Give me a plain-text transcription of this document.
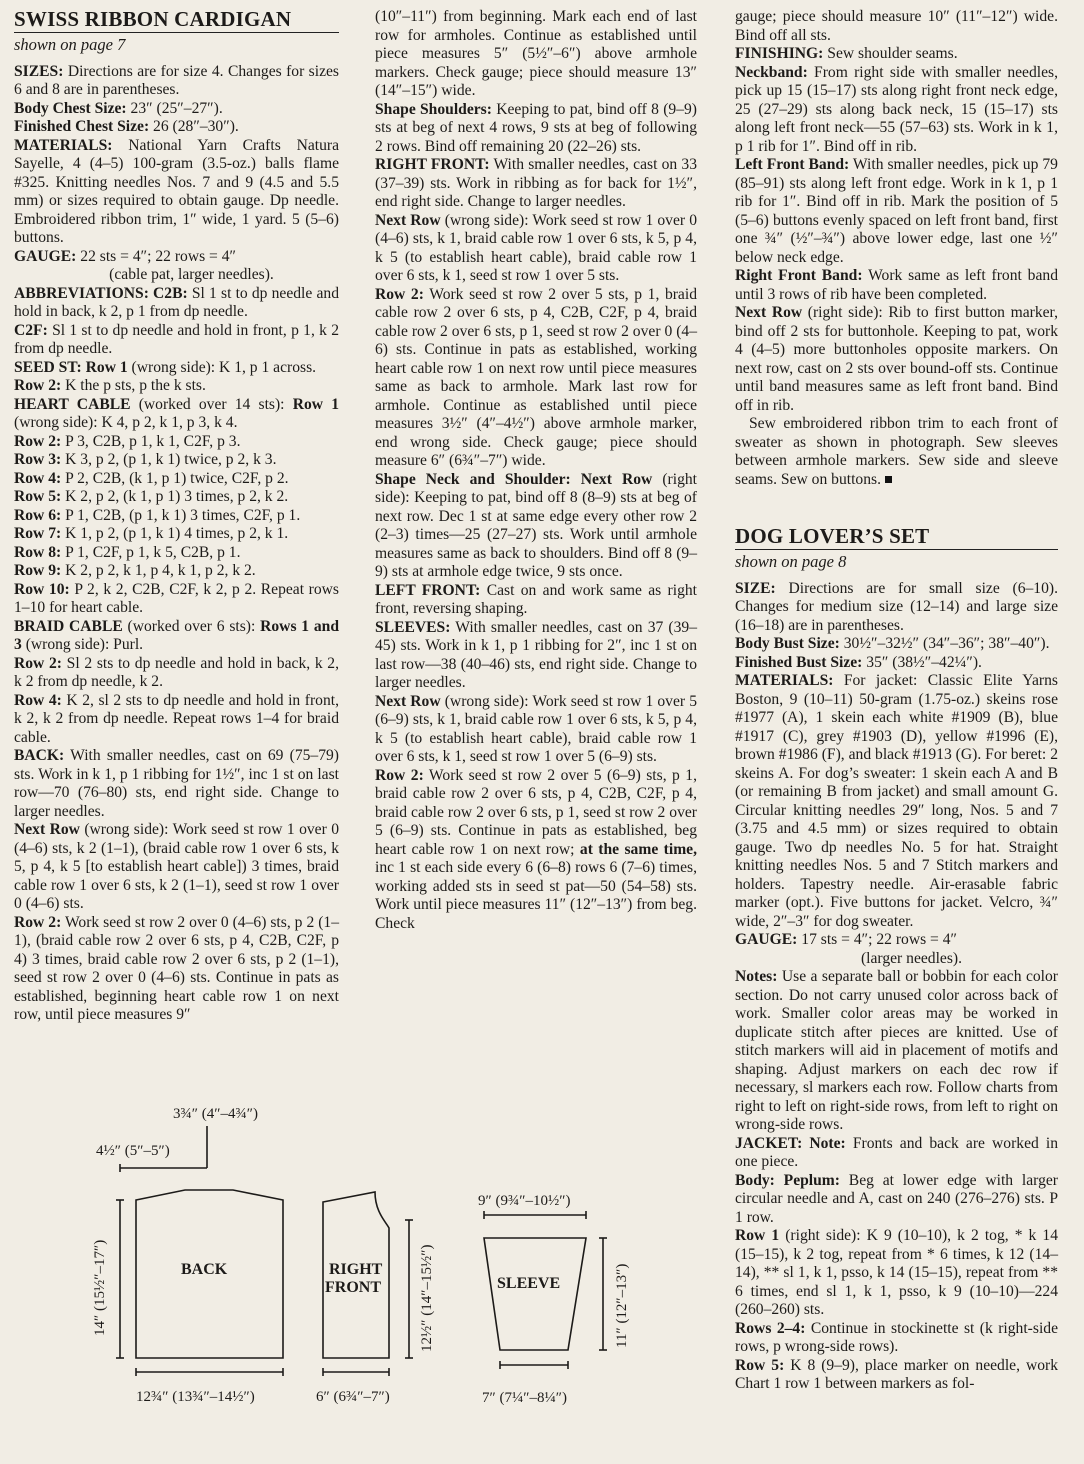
SWISS RIBBON CARDIGAN
shown on page 7

SIZES: Directions are for size 4. Changes for sizes 6 and 8 are in parentheses.

Body Chest Size: 23″ (25″–27″).

Finished Chest Size: 26 (28″–30″).

MATERIALS: National Yarn Crafts Natura Sayelle, 4 (4–5) 100-gram (3.5-oz.) balls flame #325. Knitting needles Nos. 7 and 9 (4.5 and 5.5 mm) or sizes required to obtain gauge. Dp needle. Embroidered ribbon trim, 1″ wide, 1 yard. 5 (5–6) buttons.

GAUGE: 22 sts = 4″; 22 rows = 4″

(cable pat, larger needles).

ABBREVIATIONS: C2B: Sl 1 st to dp needle and hold in back, k 2, p 1 from dp needle.

C2F: Sl 1 st to dp needle and hold in front, p 1, k 2 from dp needle.

SEED ST: Row 1 (wrong side): K 1, p 1 across.

Row 2: K the p sts, p the k sts.

HEART CABLE (worked over 14 sts): Row 1 (wrong side): K 4, p 2, k 1, p 3, k 4.

Row 2: P 3, C2B, p 1, k 1, C2F, p 3.

Row 3: K 3, p 2, (p 1, k 1) twice, p 2, k 3.

Row 4: P 2, C2B, (k 1, p 1) twice, C2F, p 2.

Row 5: K 2, p 2, (k 1, p 1) 3 times, p 2, k 2.

Row 6: P 1, C2B, (p 1, k 1) 3 times, C2F, p 1.

Row 7: K 1, p 2, (p 1, k 1) 4 times, p 2, k 1.

Row 8: P 1, C2F, p 1, k 5, C2B, p 1.

Row 9: K 2, p 2, k 1, p 4, k 1, p 2, k 2.

Row 10: P 2, k 2, C2B, C2F, k 2, p 2. Repeat rows 1–10 for heart cable.

BRAID CABLE (worked over 6 sts): Rows 1 and 3 (wrong side): Purl.

Row 2: Sl 2 sts to dp needle and hold in back, k 2, k 2 from dp needle, k 2.

Row 4: K 2, sl 2 sts to dp needle and hold in front, k 2, k 2 from dp needle. Repeat rows 1–4 for braid cable.

BACK: With smaller needles, cast on 69 (75–79) sts. Work in k 1, p 1 ribbing for 1½″, inc 1 st on last row—70 (76–80) sts, end right side. Change to larger needles.

Next Row (wrong side): Work seed st row 1 over 0 (4–6) sts, k 2 (1–1), (braid cable row 1 over 6 sts, k 5, p 4, k 5 [to establish heart cable]) 3 times, braid cable row 1 over 6 sts, k 2 (1–1), seed st row 1 over 0 (4–6) sts.

Row 2: Work seed st row 2 over 0 (4–6) sts, p 2 (1–1), (braid cable row 2 over 6 sts, p 4, C2B, C2F, p 4) 3 times, braid cable row 2 over 6 sts, p 2 (1–1), seed st row 2 over 0 (4–6) sts. Continue in pats as established, beginning heart cable row 1 on next row, until piece measures 9″

(10″–11″) from beginning. Mark each end of last row for armholes. Continue as established until piece measures 5″ (5½″–6″) above armhole markers. Check gauge; piece should measure 13″ (14″–15″) wide.

Shape Shoulders: Keeping to pat, bind off 8 (9–9) sts at beg of next 4 rows, 9 sts at beg of following 2 rows. Bind off remaining 20 (22–26) sts.

RIGHT FRONT: With smaller needles, cast on 33 (37–39) sts. Work in ribbing as for back for 1½″, end right side. Change to larger needles.

Next Row (wrong side): Work seed st row 1 over 0 (4–6) sts, k 1, braid cable row 1 over 6 sts, k 5, p 4, k 5 (to establish heart cable), braid cable row 1 over 6 sts, k 1, seed st row 1 over 5 sts.

Row 2: Work seed st row 2 over 5 sts, p 1, braid cable row 2 over 6 sts, p 4, C2B, C2F, p 4, braid cable row 2 over 6 sts, p 1, seed st row 2 over 0 (4–6) sts. Continue in pats as established, working heart cable row 1 on next row until piece measures same as back to armhole. Mark last row for armhole. Continue as established until piece measures 3½″ (4″–4½″) above armhole marker, end wrong side. Check gauge; piece should measure 6″ (6¾″–7″) wide.

Shape Neck and Shoulder: Next Row (right side): Keeping to pat, bind off 8 (8–9) sts at beg of next row. Dec 1 st at same edge every other row 2 (2–3) times—25 (27–27) sts. Work until armhole measures same as back to shoulders. Bind off 8 (9–9) sts at armhole edge twice, 9 sts once.

LEFT FRONT: Cast on and work same as right front, reversing shaping.

SLEEVES: With smaller needles, cast on 37 (39–45) sts. Work in k 1, p 1 ribbing for 2″, inc 1 st on last row—38 (40–46) sts, end right side. Change to larger needles.

Next Row (wrong side): Work seed st row 1 over 5 (6–9) sts, k 1, braid cable row 1 over 6 sts, k 5, p 4, k 5 (to establish heart cable), braid cable row 1 over 6 sts, k 1, seed st row 1 over 5 (6–9) sts.

Row 2: Work seed st row 2 over 5 (6–9) sts, p 1, braid cable row 2 over 6 sts, p 4, C2B, C2F, p 4, braid cable row 2 over 6 sts, p 1, seed st row 2 over 5 (6–9) sts. Continue in pats as established, beg heart cable row 1 on next row; at the same time, inc 1 st each side every 6 (6–8) rows 6 (7–6) times, working added sts in seed st pat—50 (54–58) sts. Work until piece measures 11″ (12″–13″) from beg. Check

gauge; piece should measure 10″ (11″–12″) wide. Bind off all sts.

FINISHING: Sew shoulder seams.

Neckband: From right side with smaller needles, pick up 15 (15–17) sts along right front neck edge, 25 (27–29) sts along back neck, 15 (15–17) sts along left front neck—55 (57–63) sts. Work in k 1, p 1 rib for 1″. Bind off in rib.

Left Front Band: With smaller needles, pick up 79 (85–91) sts along left front edge. Work in k 1, p 1 rib for 1″. Bind off in rib. Mark the position of 5 (5–6) buttons evenly spaced on left front band, first one ¾″ (½″–¾″) above lower edge, last one ½″ below neck edge.

Right Front Band: Work same as left front band until 3 rows of rib have been completed.

Next Row (right side): Rib to first button marker, bind off 2 sts for buttonhole. Keeping to pat, work 4 (4–5) more buttonholes opposite markers. On next row, cast on 2 sts over bound-off sts. Continue until band measures same as left front band. Bind off in rib.

Sew embroidered ribbon trim to each front of sweater as shown in photograph. Sew sleeves between armhole markers. Sew side and sleeve seams. Sew on buttons.

DOG LOVER’S SET
shown on page 8

SIZE: Directions are for small size (6–10). Changes for medium size (12–14) and large size (16–18) are in parentheses.

Body Bust Size: 30½″–32½″ (34″–36″; 38″–40″).

Finished Bust Size: 35″ (38½″–42¼″).

MATERIALS: For jacket: Classic Elite Yarns Boston, 9 (10–11) 50-gram (1.75-oz.) skeins rose #1977 (A), 1 skein each white #1909 (B), blue #1917 (C), grey #1903 (D), yellow #1996 (E), brown #1986 (F), and black #1913 (G). For beret: 2 skeins A. For dog’s sweater: 1 skein each A and B (or remaining B from jacket) and small amount G. Circular knitting needles 29″ long, Nos. 5 and 7 (3.75 and 4.5 mm) or sizes required to obtain gauge. Two dp needles No. 5 for hat. Straight knitting needles Nos. 5 and 7 Stitch markers and holders. Tapestry needle. Air-erasable fabric marker (opt.). Five buttons for jacket. Velcro, ¾″ wide, 2″–3″ for dog sweater.

GAUGE: 17 sts = 4″; 22 rows = 4″

(larger needles).

Notes: Use a separate ball or bobbin for each color section. Do not carry unused color across back of work. Smaller color areas may be worked in duplicate stitch after pieces are knitted. Use of stitch markers will aid in placement of motifs and shaping. Adjust markers on each dec row if necessary, sl markers each row. Follow charts from right to left on right-side rows, from left to right on wrong-side rows.

JACKET: Note: Fronts and back are worked in one piece.

Body: Peplum: Beg at lower edge with larger circular needle and A, cast on 240 (276–276) sts. P 1 row.

Row 1 (right side): K 9 (10–10), k 2 tog, * k 14 (15–15), k 2 tog, repeat from * 6 times, k 12 (14–14), ** sl 1, k 1, psso, k 14 (15–15), repeat from ** 6 times, end sl 1, k 1, psso, k 9 (10–10)—224 (260–260) sts.

Rows 2–4: Continue in stockinette st (k right-side rows, p wrong-side rows).

Row 5: K 8 (9–9), place marker on needle, work Chart 1 row 1 between markers as fol-

3¾″ (4″–4¾″)
4½″ (5″–5″)
14″ (15½″–17″)
12¾″ (13¾″–14½″)
BACK	RIGHT
FRONT	12½″ (14″–15½″)
6″ (6¾″–7″)
9″ (9¾″–10½″)
SLEEVE	11″ (12″–13″)
7″ (7¼″–8¼″)
